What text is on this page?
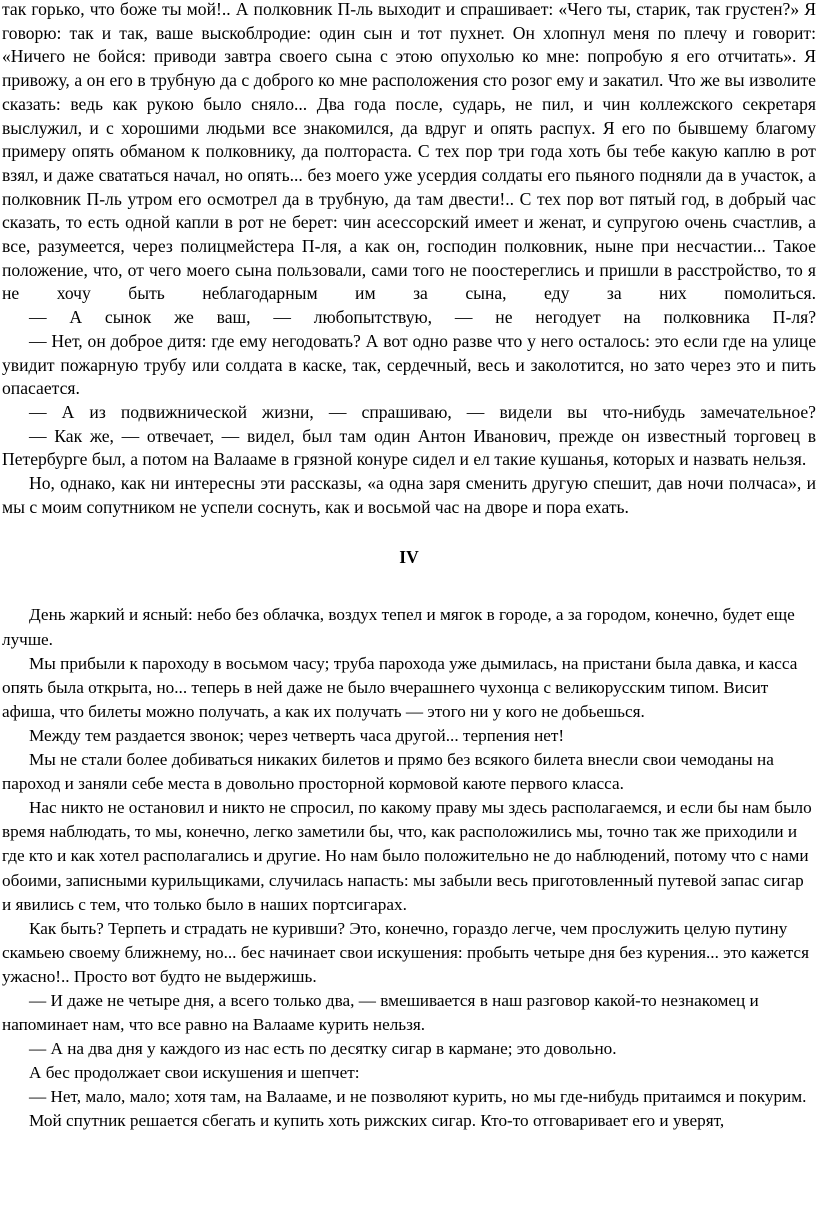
так горько, что боже ты мой!.. А полковник П-ль выходит и спрашивает: «Чего ты, старик, так грустен?» Я говорю: так и так, ваше выскоблродие: один сын и тот пухнет. Он хлопнул меня по плечу и говорит: «Ничего не бойся: приводи завтра своего сына с этою опухолью ко мне: попробую я его отчитать». Я привожу, а он его в трубную да с доброго ко мне расположения сто розог ему и закатил. Что же вы изволите сказать: ведь как рукою было сняло... Два года после, сударь, не пил, и чин коллежского секретаря выслужил, и с хорошими людьми все знакомился, да вдруг и опять распух. Я его по бывшему благому примеру опять обманом к полковнику, да полтораста. С тех пор три года хоть бы тебе какую каплю в рот взял, и даже свататься начал, но опять... без моего уже усердия солдаты его пьяного подняли да в участок, а полковник П-ль утром его осмотрел да в трубную, да там двести!.. С тех пор вот пятый год, в добрый час сказать, то есть одной капли в рот не берет: чин асессорский имеет и женат, и супругою очень счастлив, а все, разумеется, через полицмейстера П-ля, а как он, господин полковник, ныне при несчастии... Такое положение, что, от чего моего сына пользовали, сами того не поостереглись и пришли в расстройство, то я не хочу быть неблагодарным им за сына, еду за них помолиться.

— А сынок же ваш, — любопытствую, — не негодует на полковника П-ля?

— Нет, он доброе дитя: где ему негодовать? А вот одно разве что у него осталось: это если где на улице увидит пожарную трубу или солдата в каске, так, сердечный, весь и заколотится, но зато через это и пить опасается.

— А из подвижнической жизни, — спрашиваю, — видели вы что-нибудь замечательное?

— Как же, — отвечает, — видел, был там один Антон Иванович, прежде он известный торговец в Петербурге был, а потом на Валааме в грязной конуре сидел и ел такие кушанья, которых и назвать нельзя.

Но, однако, как ни интересны эти рассказы, «а одна заря сменить другую спешит, дав ночи полчаса», и мы с моим сопутником не успели соснуть, как и восьмой час на дворе и пора ехать.

IV

День жаркий и ясный: небо без облачка, воздух тепел и мягок в городе, а за городом, конечно, будет еще лучше.

Мы прибыли к пароходу в восьмом часу; труба парохода уже дымилась, на пристани была давка, и касса опять была открыта, но... теперь в ней даже не было вчерашнего чухонца с великорусским типом. Висит афиша, что билеты можно получать, а как их получать — этого ни у кого не добьешься.

Между тем раздается звонок; через четверть часа другой... терпения нет!

Мы не стали более добиваться никаких билетов и прямо без всякого билета внесли свои чемоданы на пароход и заняли себе места в довольно просторной кормовой каюте первого класса.

Нас никто не остановил и никто не спросил, по какому праву мы здесь располагаемся, и если бы нам было время наблюдать, то мы, конечно, легко заметили бы, что, как расположились мы, точно так же приходили и где кто и как хотел располагались и другие. Но нам было положительно не до наблюдений, потому что с нами обоими, записными курильщиками, случилась напасть: мы забыли весь приготовленный путевой запас сигар и явились с тем, что только было в наших портсигарах.

Как быть? Терпеть и страдать не куривши? Это, конечно, гораздо легче, чем прослужить целую путину скамьею своему ближнему, но... бес начинает свои искушения: пробыть четыре дня без курения... это кажется ужасно!.. Просто вот будто не выдержишь.

— И даже не четыре дня, а всего только два, — вмешивается в наш разговор какой-то незнакомец и напоминает нам, что все равно на Валааме курить нельзя.

— А на два дня у каждого из нас есть по десятку сигар в кармане; это довольно.

А бес продолжает свои искушения и шепчет:

— Нет, мало, мало; хотя там, на Валааме, и не позволяют курить, но мы где-нибудь притаимся и покурим.

Мой спутник решается сбегать и купить хоть рижских сигар. Кто-то отговаривает его и уверят,
